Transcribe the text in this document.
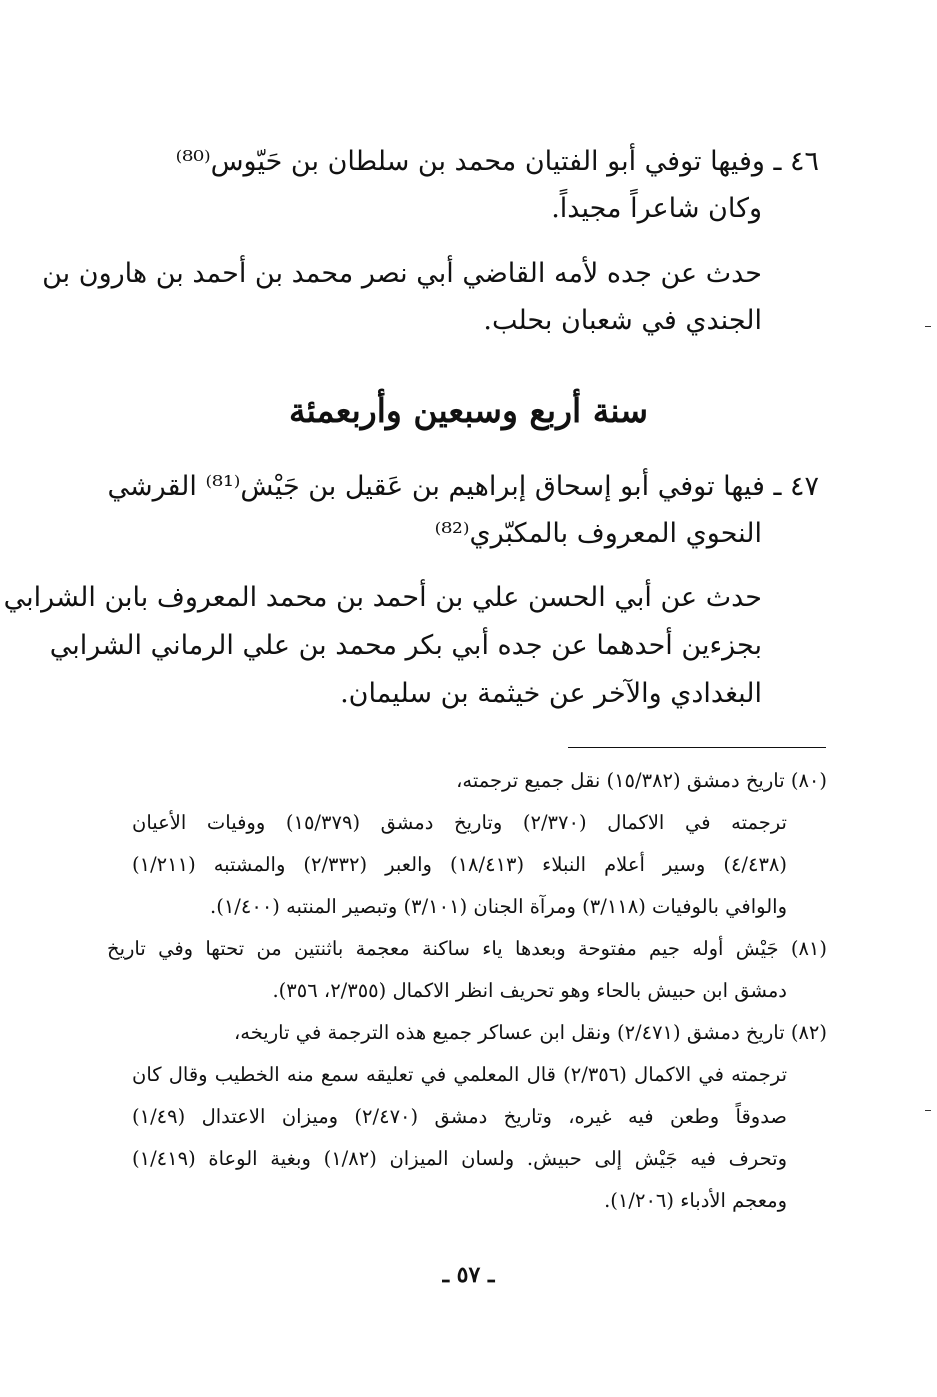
٤٦ ـ وفيها توفي أبو الفتيان محمد بن سلطان بن حَيّوس⁽⁸⁰⁾
وكان شاعراً مجيداً.
حدث عن جده لأمه القاضي أبي نصر محمد بن أحمد بن هارون بن
الجندي في شعبان بحلب.
سنة أربع وسبعين وأربعمئة
٤٧ ـ فيها توفي أبو إسحاق إبراهيم بن عَقيل بن جَيْش⁽⁸¹⁾ القرشي
النحوي المعروف بالمكبّري⁽⁸²⁾
حدث عن أبي الحسن علي بن أحمد بن محمد المعروف بابن الشرابي
بجزءين أحدهما عن جده أبي بكر محمد بن علي الرماني الشرابي
البغدادي والآخر عن خيثمة بن سليمان.
(٨٠) تاريخ دمشق (١٥/٣٨٢) نقل جميع ترجمته،
ترجمته في الاكمال (٢/٣٧٠) وتاريخ دمشق (١٥/٣٧٩) ووفيات الأعيان
(٤/٤٣٨) وسير أعلام النبلاء (١٨/٤١٣) والعبر (٢/٣٣٢) والمشتبه (١/٢١١)
والوافي بالوفيات (٣/١١٨) ومرآة الجنان (٣/١٠١) وتبصير المنتبه (١/٤٠٠).
(٨١) جَيْش أوله جيم مفتوحة وبعدها ياء ساكنة معجمة باثنتين من تحتها وفي تاريخ
دمشق ابن حبيش بالحاء وهو تحريف انظر الاكمال (٢/٣٥٥، ٣٥٦).
(٨٢) تاريخ دمشق (٢/٤٧١) ونقل ابن عساكر جميع هذه الترجمة في تاريخه،
ترجمته في الاكمال (٢/٣٥٦) قال المعلمي في تعليقه سمع منه الخطيب وقال كان
صدوقاً وطعن فيه غيره، وتاريخ دمشق (٢/٤٧٠) وميزان الاعتدال (١/٤٩)
وتحرف فيه جَيْش إلى حبيش. ولسان الميزان (١/٨٢) وبغية الوعاة (١/٤١٩)
ومعجم الأدباء (١/٢٠٦).
ـ ٥٧ ـ
